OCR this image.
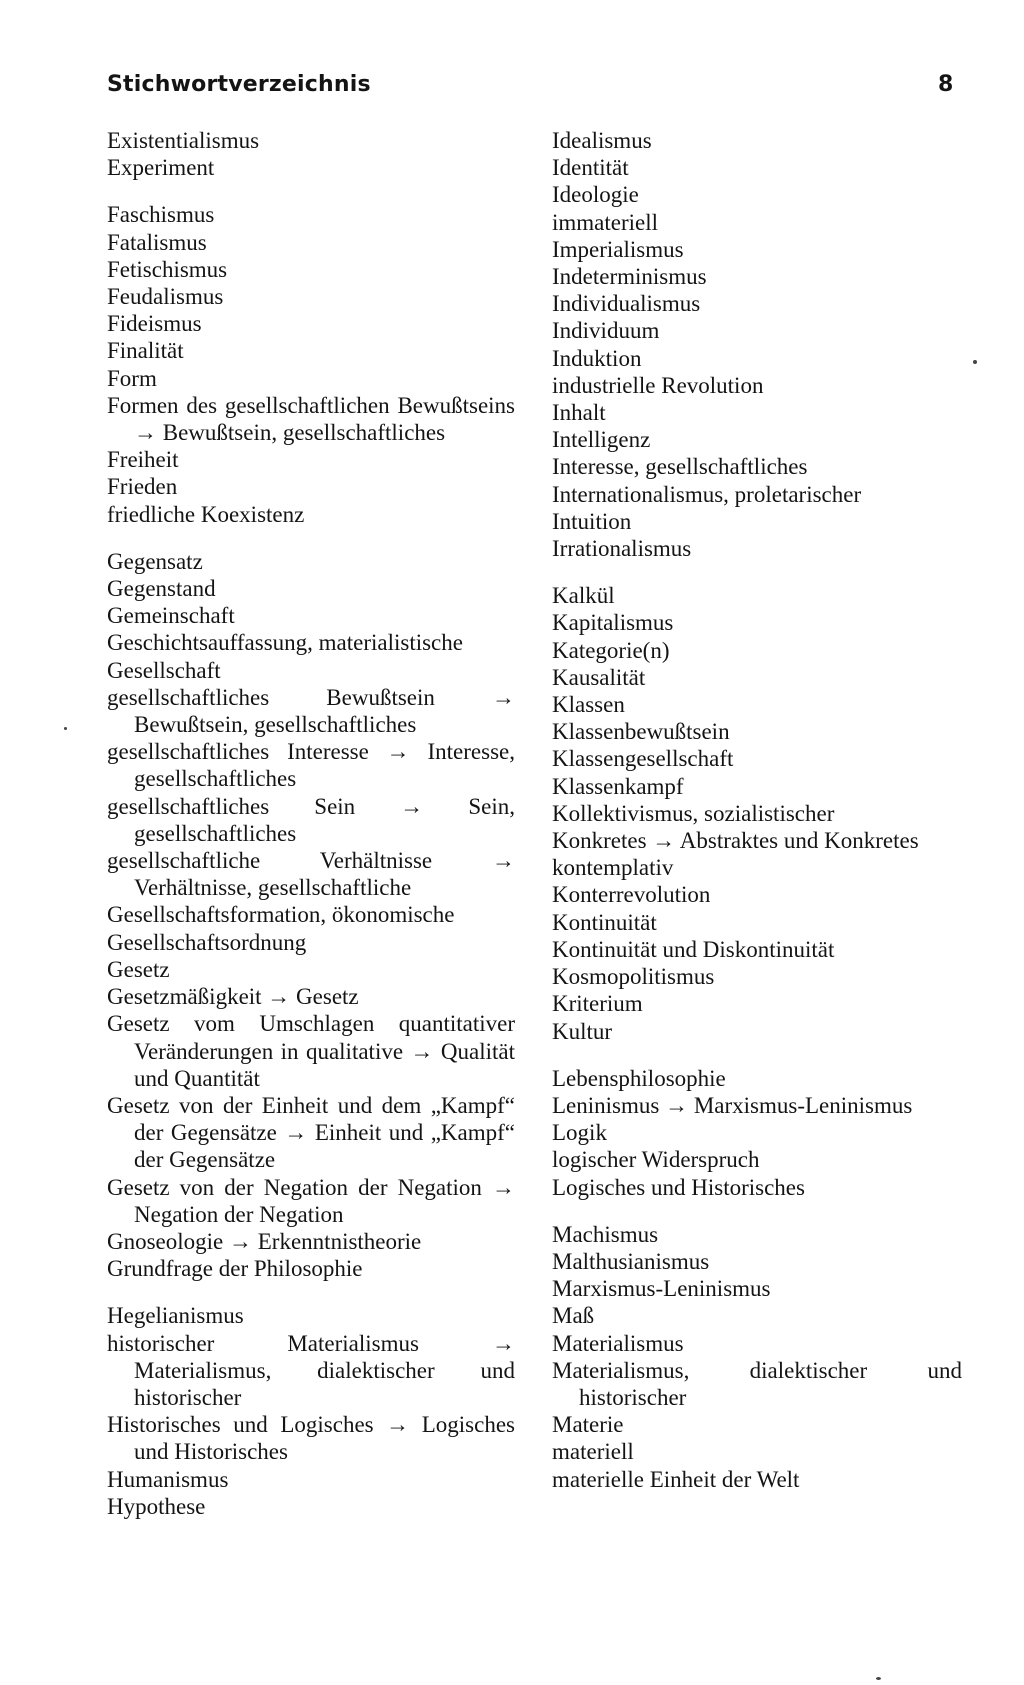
Stichwortverzeichnis	8

Existentialismus

Experiment

Faschismus

Fatalismus

Fetischismus

Feudalismus

Fideismus

Finalität

Form

Formen des gesellschaftlichen Bewußtseins → Bewußtsein, gesellschaftliches

Freiheit

Frieden

friedliche Koexistenz

Gegensatz

Gegenstand

Gemeinschaft

Geschichtsauffassung, materialistische

Gesellschaft

gesellschaftliches Bewußtsein → Bewußtsein, gesellschaftliches

gesellschaftliches Interesse → Interesse, gesellschaftliches

gesellschaftliches Sein → Sein, gesellschaftliches

gesellschaftliche Verhältnisse → Verhältnisse, gesellschaftliche

Gesellschaftsformation, ökonomische

Gesellschaftsordnung

Gesetz

Gesetzmäßigkeit → Gesetz

Gesetz vom Umschlagen quantitativer Veränderungen in qualitative → Qualität und Quantität

Gesetz von der Einheit und dem „Kampf“ der Gegensätze → Einheit und „Kampf“ der Gegensätze

Gesetz von der Negation der Negation → Negation der Negation

Gnoseologie → Erkenntnistheorie

Grundfrage der Philosophie

Hegelianismus

historischer Materialismus → Materialismus, dialektischer und historischer

Historisches und Logisches → Logisches und Historisches

Humanismus

Hypothese

Idealismus

Identität

Ideologie

immateriell

Imperialismus

Indeterminismus

Individualismus

Individuum

Induktion

industrielle Revolution

Inhalt

Intelligenz

Interesse, gesellschaftliches

Internationalismus, proletarischer

Intuition

Irrationalismus

Kalkül

Kapitalismus

Kategorie(n)

Kausalität

Klassen

Klassenbewußtsein

Klassengesellschaft

Klassenkampf

Kollektivismus, sozialistischer

Konkretes → Abstraktes und Konkretes

kontemplativ

Konterrevolution

Kontinuität

Kontinuität und Diskontinuität

Kosmopolitismus

Kriterium

Kultur

Lebensphilosophie

Leninismus → Marxismus-Leninismus

Logik

logischer Widerspruch

Logisches und Historisches

Machismus

Malthusianismus

Marxismus-Leninismus

Maß

Materialismus

Materialismus, dialektischer und historischer

Materie

materiell

materielle Einheit der Welt
